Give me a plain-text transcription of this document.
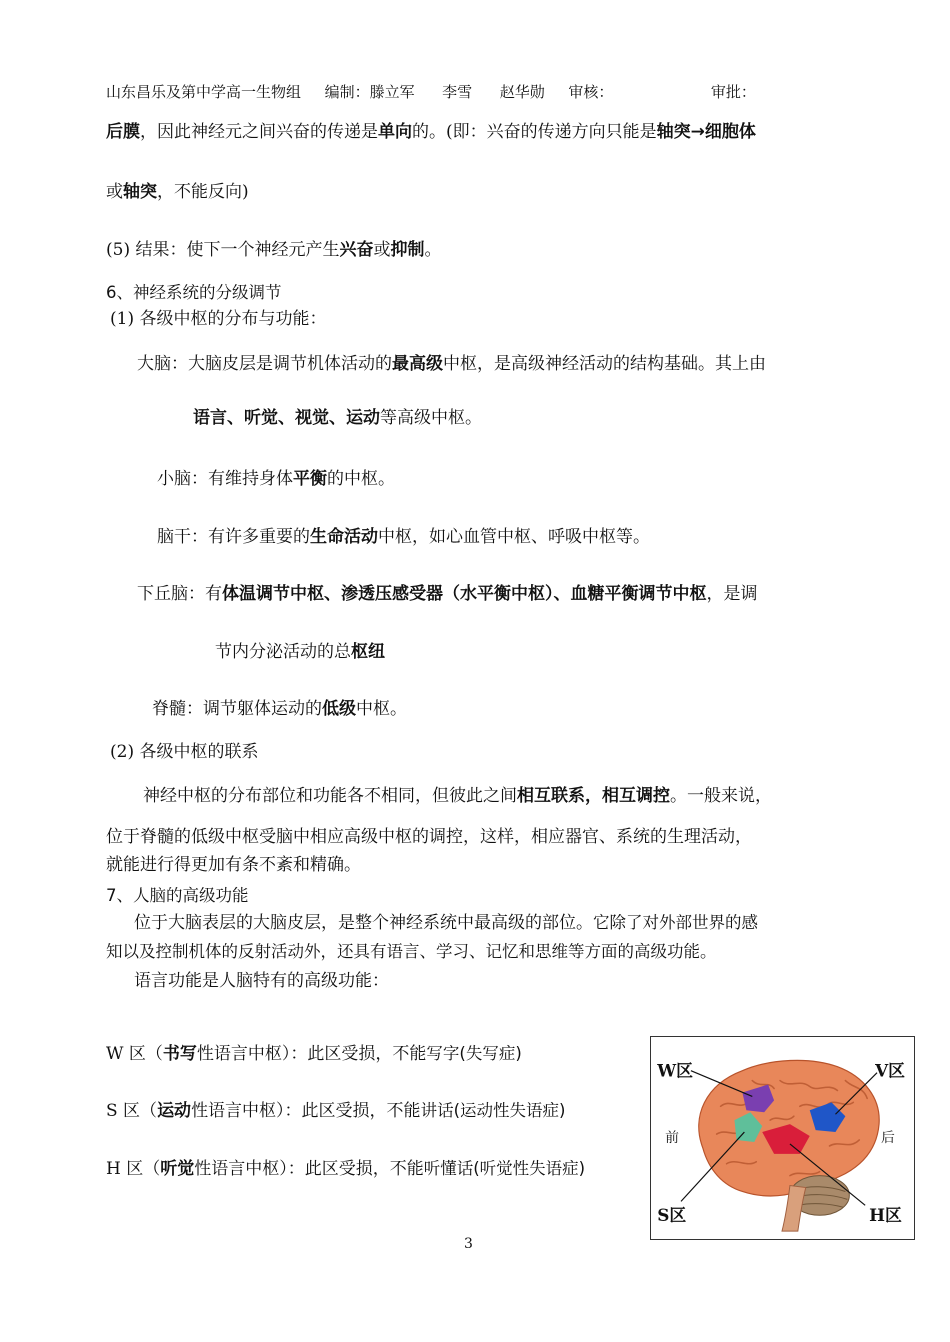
山东昌乐及第中学高一生物组 编制：滕立军 李雪 赵华勋 审核：	审批：
后膜，因此神经元之间兴奋的传递是单向的。(即：兴奋的传递方向只能是轴突→细胞体
或轴突，不能反向)
(5) 结果：使下一个神经元产生兴奋或抑制。
6、神经系统的分级调节
(1) 各级中枢的分布与功能：
大脑：大脑皮层是调节机体活动的最高级中枢，是高级神经活动的结构基础。其上由
语言、听觉、视觉、运动等高级中枢。
小脑：有维持身体平衡的中枢。
脑干：有许多重要的生命活动中枢，如心血管中枢、呼吸中枢等。
下丘脑：有体温调节中枢、渗透压感受器（水平衡中枢）、血糖平衡调节中枢，是调
节内分泌活动的总枢纽
脊髓：调节躯体运动的低级中枢。
(2) 各级中枢的联系
神经中枢的分布部位和功能各不相同，但彼此之间相互联系，相互调控。一般来说，
位于脊髓的低级中枢受脑中相应高级中枢的调控，这样，相应器官、系统的生理活动，
就能进行得更加有条不紊和精确。
7、人脑的高级功能
位于大脑表层的大脑皮层，是整个神经系统中最高级的部位。它除了对外部世界的感
知以及控制机体的反射活动外，还具有语言、学习、记忆和思维等方面的高级功能。
语言功能是人脑特有的高级功能：
W 区（书写性语言中枢）：此区受损，不能写字(失写症)
S 区（运动性语言中枢）：此区受损，不能讲话(运动性失语症)
H 区（听觉性语言中枢）：此区受损，不能听懂话(听觉性失语症)
W区	V区
前	后
S区	H区
3
